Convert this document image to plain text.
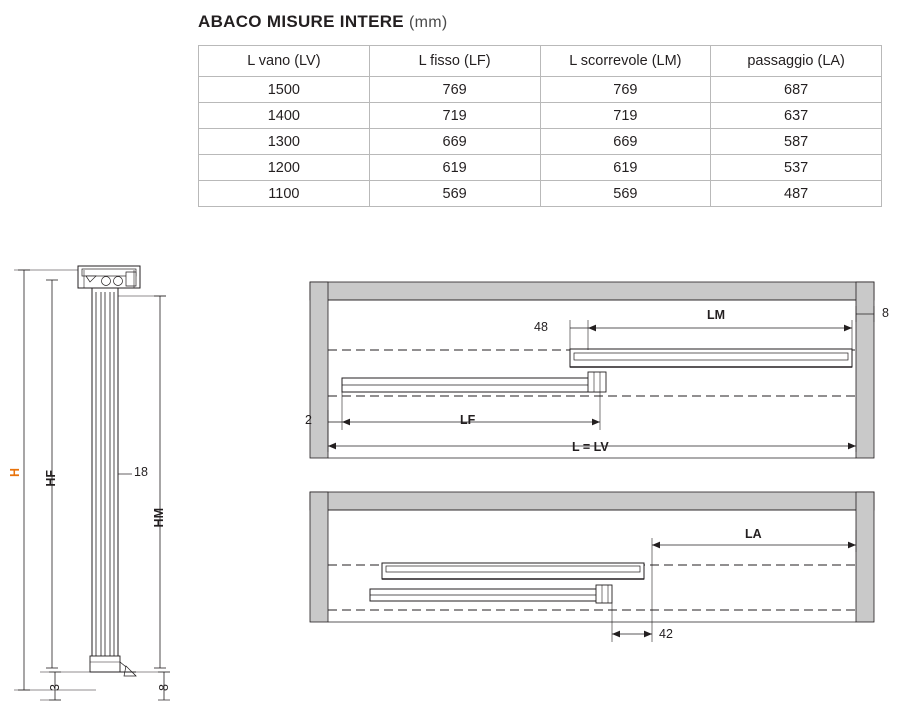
ABACO MISURE INTERE (mm)
L vano (LV)	L fisso (LF)	L scorrevole (LM)	passaggio (LA)
1500	769	769	687
1400	719	719	637
1300	669	669	587
1200	619	619	537
1100	569	569	487
H HF
HM
18
3	8
LM
48
LF
2
8
L = LV
LA
42
